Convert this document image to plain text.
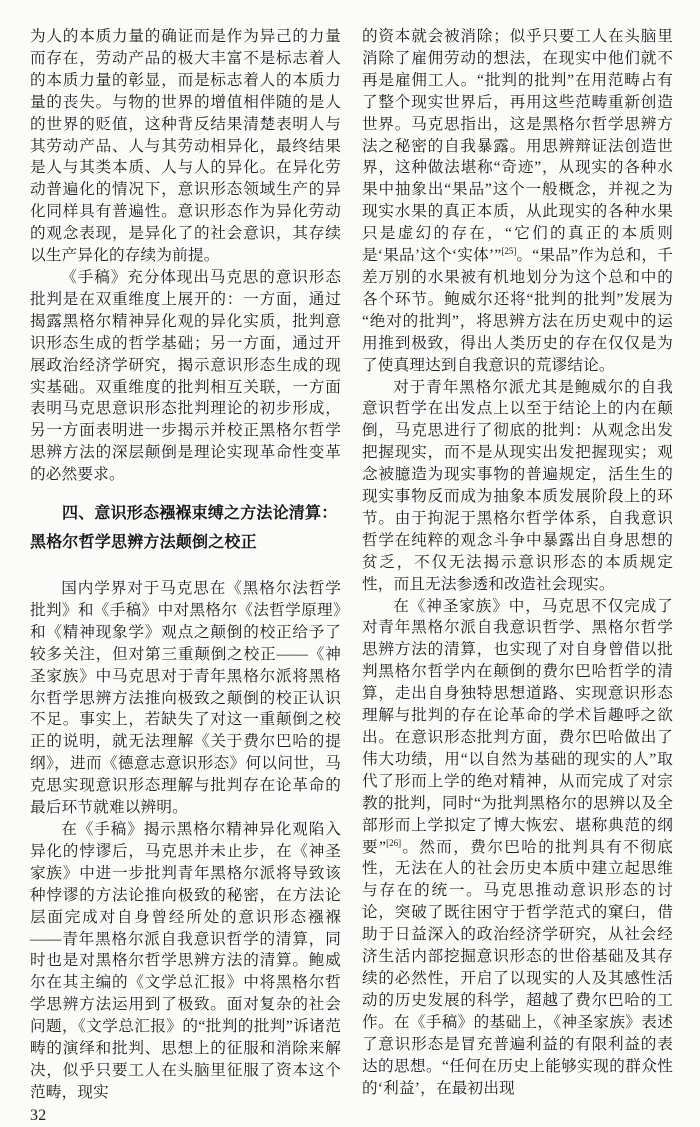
为人的本质力量的确证而是作为异己的力量而存在，劳动产品的极大丰富不是标志着人的本质力量的彰显，而是标志着人的本质力量的丧失。与物的世界的增值相伴随的是人的世界的贬值，这种背反结果清楚表明人与其劳动产品、人与其劳动相异化，最终结果是人与其类本质、人与人的异化。在异化劳动普遍化的情况下，意识形态领域生产的异化同样具有普遍性。意识形态作为异化劳动的观念表现，是异化了的社会意识，其存续以生产异化的存续为前提。

《手稿》充分体现出马克思的意识形态批判是在双重维度上展开的：一方面，通过揭露黑格尔精神异化观的异化实质，批判意识形态生成的哲学基础；另一方面，通过开展政治经济学研究，揭示意识形态生成的现实基础。双重维度的批判相互关联，一方面表明马克思意识形态批判理论的初步形成，另一方面表明进一步揭示并校正黑格尔哲学思辨方法的深层颠倒是理论实现革命性变革的必然要求。

四、意识形态襁褓束缚之方法论清算：
黑格尔哲学思辨方法颠倒之校正

国内学界对于马克思在《黑格尔法哲学批判》和《手稿》中对黑格尔《法哲学原理》和《精神现象学》观点之颠倒的校正给予了较多关注，但对第三重颠倒之校正——《神圣家族》中马克思对于青年黑格尔派将黑格尔哲学思辨方法推向极致之颠倒的校正认识不足。事实上，若缺失了对这一重颠倒之校正的说明，就无法理解《关于费尔巴哈的提纲》，进而《德意志意识形态》何以问世，马克思实现意识形态理解与批判存在论革命的最后环节就难以辨明。

在《手稿》揭示黑格尔精神异化观陷入异化的悖谬后，马克思并未止步，在《神圣家族》中进一步批判青年黑格尔派将导致该种悖谬的方法论推向极致的秘密，在方法论层面完成对自身曾经所处的意识形态襁褓——青年黑格尔派自我意识哲学的清算，同时也是对黑格尔哲学思辨方法的清算。鲍威尔在其主编的《文学总汇报》中将黑格尔哲学思辨方法运用到了极致。面对复杂的社会问题，《文学总汇报》的“批判的批判”诉诸范畴的演绎和批判、思想上的征服和消除来解决，似乎只要工人在头脑里征服了资本这个范畴，现实

32

的资本就会被消除；似乎只要工人在头脑里消除了雇佣劳动的想法，在现实中他们就不再是雇佣工人。“批判的批判”在用范畴占有了整个现实世界后，再用这些范畴重新创造世界。马克思指出，这是黑格尔哲学思辨方法之秘密的自我暴露。用思辨辩证法创造世界，这种做法堪称“奇迹”，从现实的各种水果中抽象出“果品”这个一般概念，并视之为现实水果的真正本质，从此现实的各种水果只是虚幻的存在，“它们的真正的本质则是‘果品’这个‘实体’”[25]。“果品”作为总和，千差万别的水果被有机地划分为这个总和中的各个环节。鲍威尔还将“批判的批判”发展为“绝对的批判”，将思辨方法在历史观中的运用推到极致，得出人类历史的存在仅仅是为了使真理达到自我意识的荒谬结论。

对于青年黑格尔派尤其是鲍威尔的自我意识哲学在出发点上以至于结论上的内在颠倒，马克思进行了彻底的批判：从观念出发把握现实，而不是从现实出发把握现实；观念被臆造为现实事物的普遍规定，活生生的现实事物反而成为抽象本质发展阶段上的环节。由于拘泥于黑格尔哲学体系，自我意识哲学在纯粹的观念斗争中暴露出自身思想的贫乏，不仅无法揭示意识形态的本质规定性，而且无法参透和改造社会现实。

在《神圣家族》中，马克思不仅完成了对青年黑格尔派自我意识哲学、黑格尔哲学思辨方法的清算，也实现了对自身曾借以批判黑格尔哲学内在颠倒的费尔巴哈哲学的清算，走出自身独特思想道路、实现意识形态理解与批判的存在论革命的学术旨趣呼之欲出。在意识形态批判方面，费尔巴哈做出了伟大功绩，用“以自然为基础的现实的人”取代了形而上学的绝对精神，从而完成了对宗教的批判，同时“为批判黑格尔的思辨以及全部形而上学拟定了博大恢宏、堪称典范的纲要”[26]。然而，费尔巴哈的批判具有不彻底性，无法在人的社会历史本质中建立起思维与存在的统一。马克思推动意识形态的讨论，突破了既往困守于哲学范式的窠臼，借助于日益深入的政治经济学研究，从社会经济生活内部挖掘意识形态的世俗基础及其存续的必然性，开启了以现实的人及其感性活动的历史发展的科学，超越了费尔巴哈的工作。在《手稿》的基础上，《神圣家族》表述了意识形态是冒充普遍利益的有限利益的表达的思想。“任何在历史上能够实现的群众性的‘利益’，在最初出现
